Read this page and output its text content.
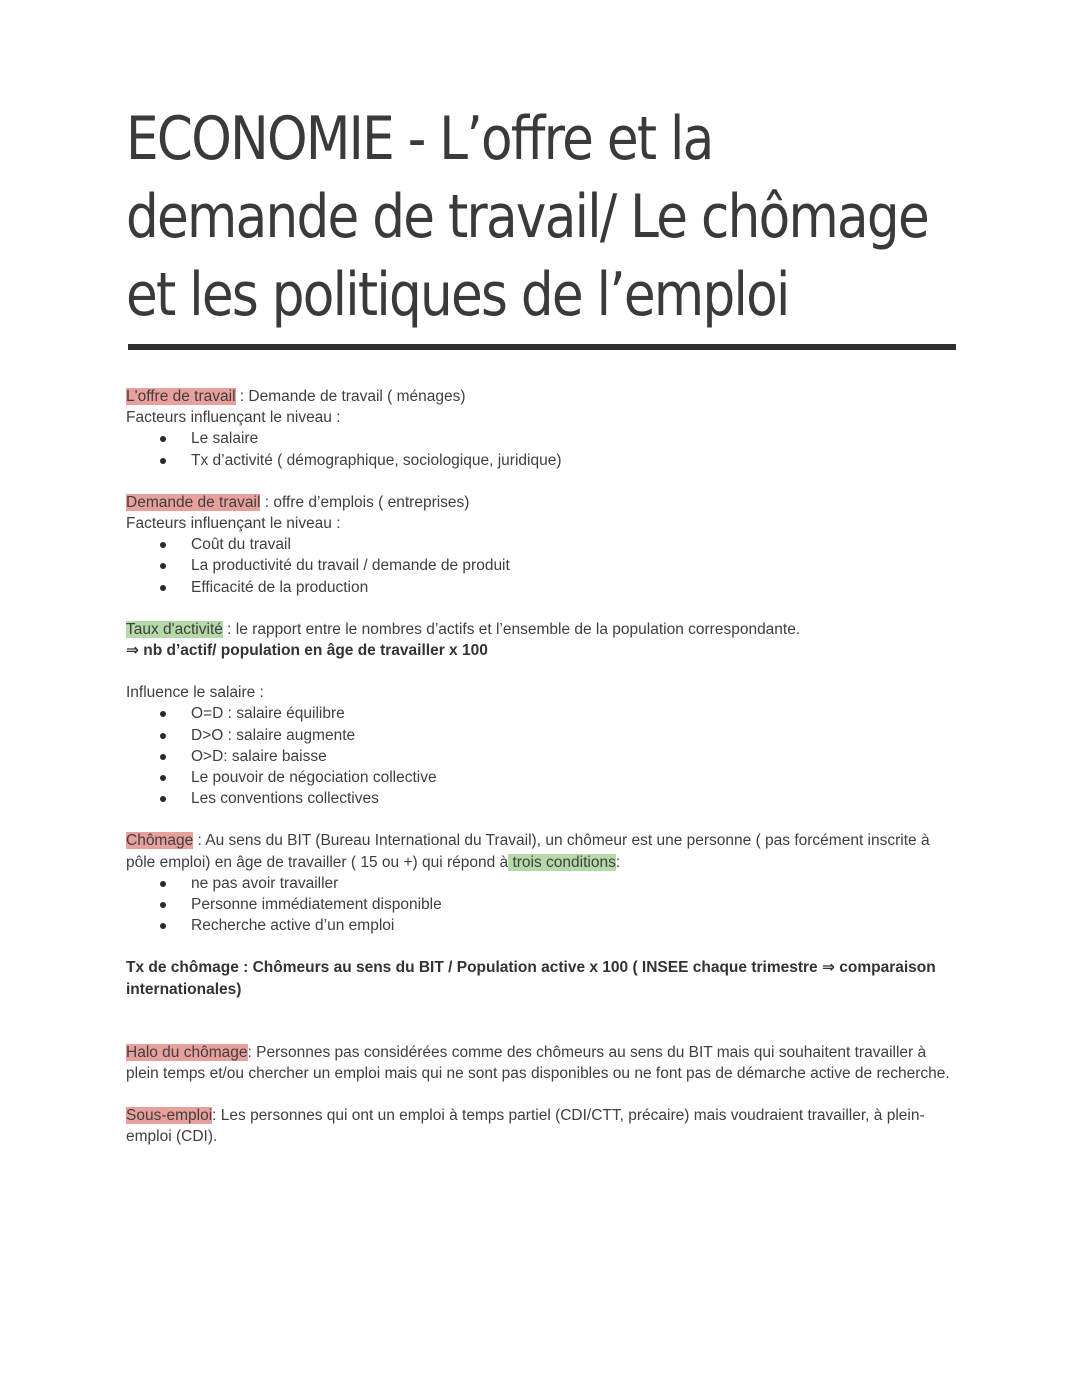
ECONOMIE - L’offre et la demande de travail/ Le chômage et les politiques de l’emploi
L'offre de travail : Demande de travail ( ménages)
Facteurs influençant le niveau :
Le salaire
Tx d’activité ( démographique, sociologique, juridique)
Demande de travail : offre d’emplois ( entreprises)
Facteurs influençant le niveau :
Coût du travail
La productivité du travail / demande de produit
Efficacité de la production
Taux d'activité : le rapport entre le nombres d’actifs et l’ensemble de la population correspondante.
⇒ nb d’actif/ population en âge de travailler x 100
Influence le salaire :
O=D : salaire équilibre
D>O : salaire augmente
O>D: salaire baisse
Le pouvoir de négociation collective
Les conventions collectives
Chômage : Au sens du BIT (Bureau International du Travail), un chômeur est une personne ( pas forcément inscrite à pôle emploi) en âge de travailler ( 15 ou +) qui répond à trois conditions:
ne pas avoir travailler
Personne immédiatement disponible
Recherche active d’un emploi
Tx de chômage : Chômeurs au sens du BIT / Population active x 100 ( INSEE chaque trimestre ⇒ comparaison internationales)
Halo du chômage: Personnes pas considérées comme des chômeurs au sens du BIT mais qui souhaitent travailler à plein temps et/ou chercher un emploi mais qui ne sont pas disponibles ou ne font pas de démarche active de recherche.
Sous-emploi: Les personnes qui ont un emploi à temps partiel (CDI/CTT, précaire) mais voudraient travailler, à plein-emploi (CDI).
